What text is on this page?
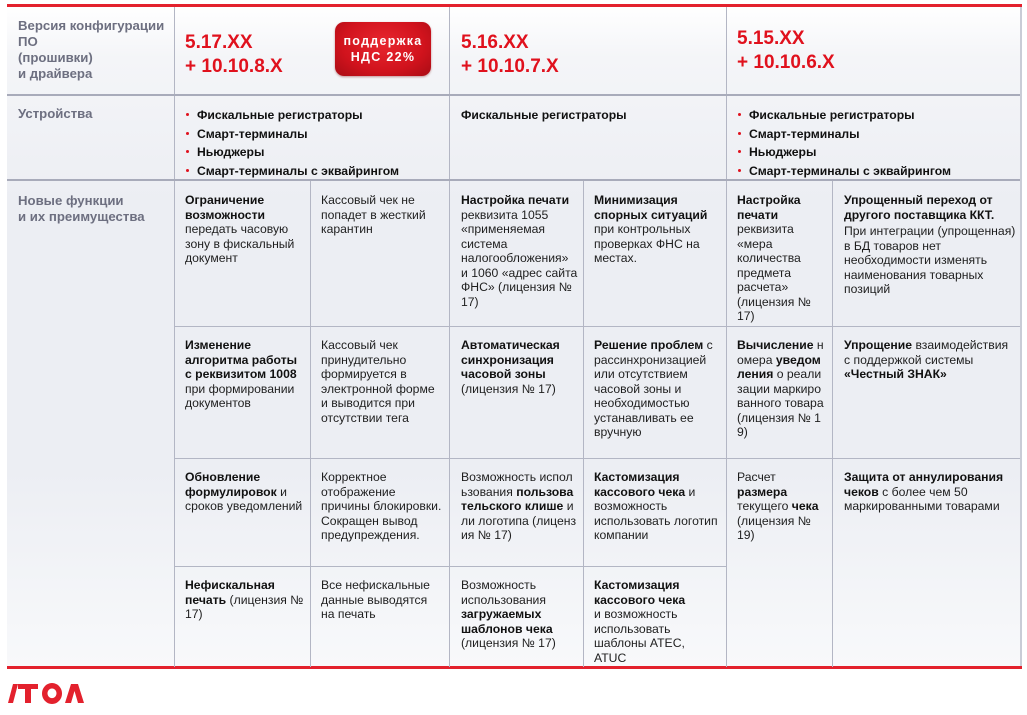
Версия конфигурации
ПО
(прошивки)
и драйвера
Устройства
Новые функции
и их преимущества
5.17.XX
+ 10.10.8.X
поддержка
НДС 22%
5.16.XX
+ 10.10.7.X
5.15.XX
+ 10.10.6.X
Фискальные регистраторы
Смарт-терминалы
Ньюджеры
Смарт-терминалы с эквайрингом
Фискальные регистраторы	Фискальные регистраторы
Смарт-терминалы
Ньюджеры
Смарт-терминалы с эквайрингом
Ограничение возможности передать часовую зону в фискальный документ
Кассовый чек не попадет в жесткий карантин
Изменение алгоритма работы с реквизитом 1008 при формировании документов
Кассовый чек принудительно формируется в электронной форме и выводится при отсутствии тега
Обновление формулировок и сроков уведомлений
Корректное отображение причины блокировки. Сокращен вывод предупреждения.
Нефискальная печать (лицензия № 17)
Все нефискальные данные выводятся на печать
Настройка печати реквизита 1055 «применяемая система налогообложения» и 1060 «адрес сайта ФНС» (лицензия № 17)
Минимизация спорных ситуаций при контрольных проверках ФНС на местах.
Автоматическая синхронизация часовой зоны (лицензия № 17)
Решение проблем с рассинхронизацией или отсутствием часовой зоны и необходимостью устанавливать ее вручную
Возможность использования пользовательского клише или логотипа (лицензия № 17)
Кастомизация кассового чека и возможность использовать логотип компании
Возможность использования загружаемых шаблонов чека (лицензия № 17)
Кастомизация кассового чека и возможность использовать шаблоны ATEC, ATUC
Настройка печати реквизита «мера количества предмета расчета» (лицензия № 17)
Упрощенный переход от другого поставщика ККТ.
При интеграции (упрощенная) в БД товаров нет необходимости изменять наименования товарных позиций
Вычисление номера уведомления о реализации маркированного товара (лицензия № 19)
Упрощение взаимодействия с поддержкой системы «Честный ЗНАК»
Расчет размера текущего чека (лицензия № 19)
Защита от аннулирования чеков с более чем 50 маркированными товарами
